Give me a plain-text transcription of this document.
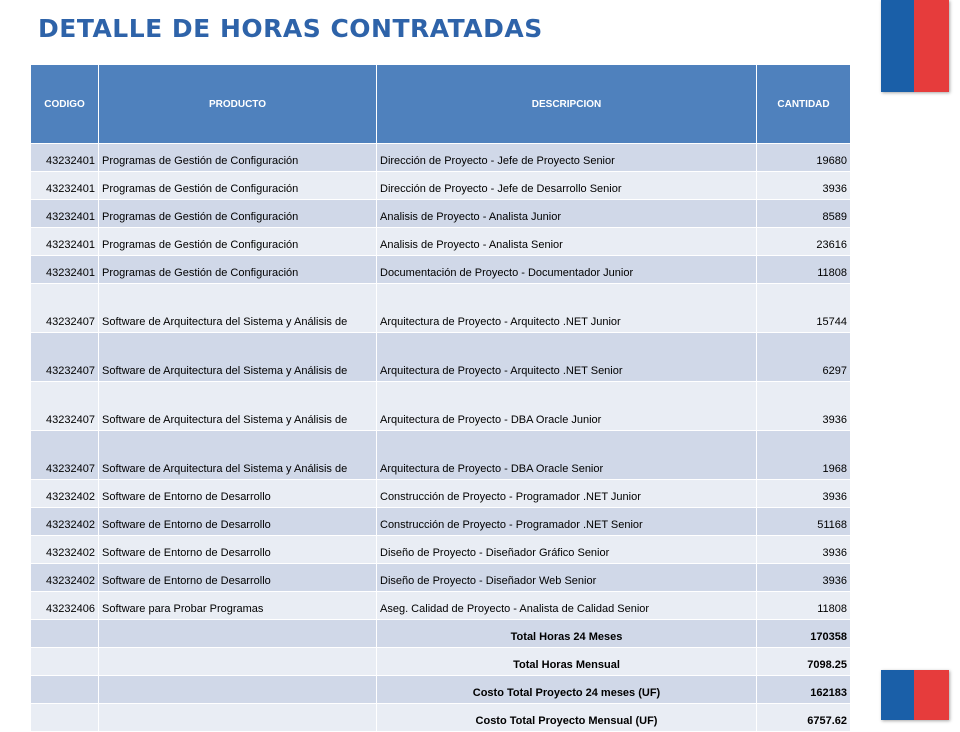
DETALLE DE HORAS CONTRATADAS
CODIGO	PRODUCTO	DESCRIPCION	CANTIDAD
43232401	Programas de Gestión de Configuración	Dirección de Proyecto - Jefe de Proyecto Senior	19680
43232401	Programas de Gestión de Configuración	Dirección de Proyecto - Jefe de Desarrollo Senior	3936
43232401	Programas de Gestión de Configuración	Analisis de Proyecto - Analista Junior	8589
43232401	Programas de Gestión de Configuración	Analisis de Proyecto - Analista Senior	23616
43232401	Programas de Gestión de Configuración	Documentación de Proyecto - Documentador Junior	11808
43232407	Software de Arquitectura del Sistema y Análisis de	Arquitectura de Proyecto - Arquitecto .NET Junior	15744
43232407	Software de Arquitectura del Sistema y Análisis de	Arquitectura de Proyecto - Arquitecto .NET Senior	6297
43232407	Software de Arquitectura del Sistema y Análisis de	Arquitectura de Proyecto - DBA Oracle Junior	3936
43232407	Software de Arquitectura del Sistema y Análisis de	Arquitectura de Proyecto - DBA Oracle Senior	1968
43232402	Software de Entorno de Desarrollo	Construcción de Proyecto - Programador .NET Junior	3936
43232402	Software de Entorno de Desarrollo	Construcción de Proyecto - Programador .NET Senior	51168
43232402	Software de Entorno de Desarrollo	Diseño de Proyecto - Diseñador Gráfico Senior	3936
43232402	Software de Entorno de Desarrollo	Diseño de Proyecto - Diseñador Web Senior	3936
43232406	Software para Probar Programas	Aseg. Calidad de Proyecto - Analista de Calidad Senior	11808
		Total Horas 24 Meses	170358
		Total Horas Mensual	7098.25
		Costo Total Proyecto 24 meses (UF)	162183
		Costo Total Proyecto Mensual (UF)	6757.62
